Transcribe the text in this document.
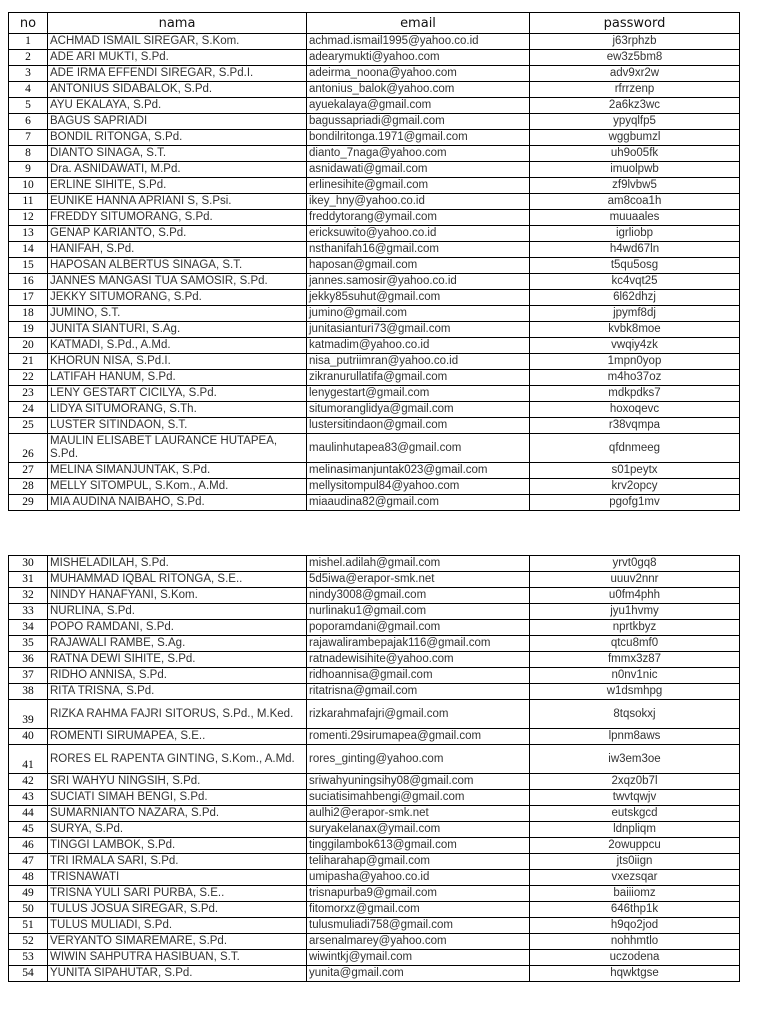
no	nama	email	password
1	ACHMAD ISMAIL SIREGAR, S.Kom.	achmad.ismail1995@yahoo.co.id	j63rphzb
2	ADE ARI MUKTI, S.Pd.	adearymukti@yahoo.com	ew3z5bm8
3	ADE IRMA EFFENDI SIREGAR, S.Pd.I.	adeirma_noona@yahoo.com	adv9xr2w
4	ANTONIUS SIDABALOK, S.Pd.	antonius_balok@yahoo.com	rfrrzenp
5	AYU EKALAYA, S.Pd.	ayuekalaya@gmail.com	2a6kz3wc
6	BAGUS SAPRIADI	bagussapriadi@gmail.com	ypyqlfp5
7	BONDIL RITONGA, S.Pd.	bondilritonga.1971@gmail.com	wggbumzl
8	DIANTO SINAGA, S.T.	dianto_7naga@yahoo.com	uh9o05fk
9	Dra. ASNIDAWATI, M.Pd.	asnidawati@gmail.com	imuolpwb
10	ERLINE SIHITE, S.Pd.	erlinesihite@gmail.com	zf9lvbw5
11	EUNIKE HANNA APRIANI S, S.Psi.	ikey_hny@yahoo.co.id	am8coa1h
12	FREDDY SITUMORANG, S.Pd.	freddytorang@ymail.com	muuaales
13	GENAP KARIANTO, S.Pd.	ericksuwito@yahoo.co.id	igrliobp
14	HANIFAH, S.Pd.	nsthanifah16@gmail.com	h4wd67ln
15	HAPOSAN ALBERTUS SINAGA, S.T.	haposan@gmail.com	t5qu5osg
16	JANNES MANGASI TUA SAMOSIR, S.Pd.	jannes.samosir@yahoo.co.id	kc4vqt25
17	JEKKY SITUMORANG, S.Pd.	jekky85suhut@gmail.com	6l62dhzj
18	JUMINO, S.T.	jumino@gmail.com	jpymf8dj
19	JUNITA SIANTURI, S.Ag.	junitasianturi73@gmail.com	kvbk8moe
20	KATMADI, S.Pd., A.Md.	katmadim@yahoo.co.id	vwqiy4zk
21	KHORUN NISA, S.Pd.I.	nisa_putriimran@yahoo.co.id	1mpn0yop
22	LATIFAH HANUM, S.Pd.	zikranurullatifa@gmail.com	m4ho37oz
23	LENY GESTART CICILYA, S.Pd.	lenygestart@gmail.com	mdkpdks7
24	LIDYA SITUMORANG, S.Th.	situmoranglidya@gmail.com	hoxoqevc
25	LUSTER SITINDAON, S.T.	lustersitindaon@gmail.com	r38vqmpa
26	MAULIN ELISABET LAURANCE HUTAPEA, S.Pd.	maulinhutapea83@gmail.com	qfdnmeeg
27	MELINA SIMANJUNTAK, S.Pd.	melinasimanjuntak023@gmail.com	s01peytx
28	MELLY SITOMPUL, S.Kom., A.Md.	mellysitompul84@yahoo.com	krv2opcy
29	MIA AUDINA NAIBAHO, S.Pd.	miaaudina82@gmail.com	pgofg1mv
30	MISHELADILAH, S.Pd.	mishel.adilah@gmail.com	yrvt0gq8
31	MUHAMMAD IQBAL RITONGA, S.E..	5d5iwa@erapor-smk.net	uuuv2nnr
32	NINDY HANAFYANI, S.Kom.	nindy3008@gmail.com	u0fm4phh
33	NURLINA, S.Pd.	nurlinaku1@gmail.com	jyu1hvmy
34	POPO RAMDANI, S.Pd.	poporamdani@gmail.com	nprtkbyz
35	RAJAWALI RAMBE, S.Ag.	rajawalirambepajak116@gmail.com	qtcu8mf0
36	RATNA DEWI SIHITE, S.Pd.	ratnadewisihite@yahoo.com	fmmx3z87
37	RIDHO ANNISA, S.Pd.	ridhoannisa@gmail.com	n0nv1nic
38	RITA TRISNA, S.Pd.	ritatrisna@gmail.com	w1dsmhpg
39	RIZKA RAHMA FAJRI SITORUS, S.Pd., M.Ked.	rizkarahmafajri@gmail.com	8tqsokxj
40	ROMENTI SIRUMAPEA, S.E..	romenti.29sirumapea@gmail.com	lpnm8aws
41	RORES EL RAPENTA GINTING, S.Kom., A.Md.	rores_ginting@yahoo.com	iw3em3oe
42	SRI WAHYU NINGSIH, S.Pd.	sriwahyuningsihy08@gmail.com	2xqz0b7l
43	SUCIATI SIMAH BENGI, S.Pd.	suciatisimahbengi@gmail.com	twvtqwjv
44	SUMARNIANTO NAZARA, S.Pd.	aulhi2@erapor-smk.net	eutskgcd
45	SURYA, S.Pd.	suryakelanax@ymail.com	ldnpliqm
46	TINGGI LAMBOK, S.Pd.	tinggilambok613@gmail.com	2owuppcu
47	TRI IRMALA SARI, S.Pd.	teliharahap@gmail.com	jts0iign
48	TRISNAWATI	umipasha@yahoo.co.id	vxezsqar
49	TRISNA YULI SARI PURBA, S.E..	trisnapurba9@gmail.com	baiiiomz
50	TULUS JOSUA SIREGAR, S.Pd.	fitomorxz@gmail.com	646thp1k
51	TULUS MULIADI, S.Pd.	tulusmuliadi758@gmail.com	h9qo2jod
52	VERYANTO SIMAREMARE, S.Pd.	arsenalmarey@yahoo.com	nohhmtlo
53	WIWIN SAHPUTRA HASIBUAN, S.T.	wiwintkj@ymail.com	uczodena
54	YUNITA SIPAHUTAR, S.Pd.	yunita@gmail.com	hqwktgse
